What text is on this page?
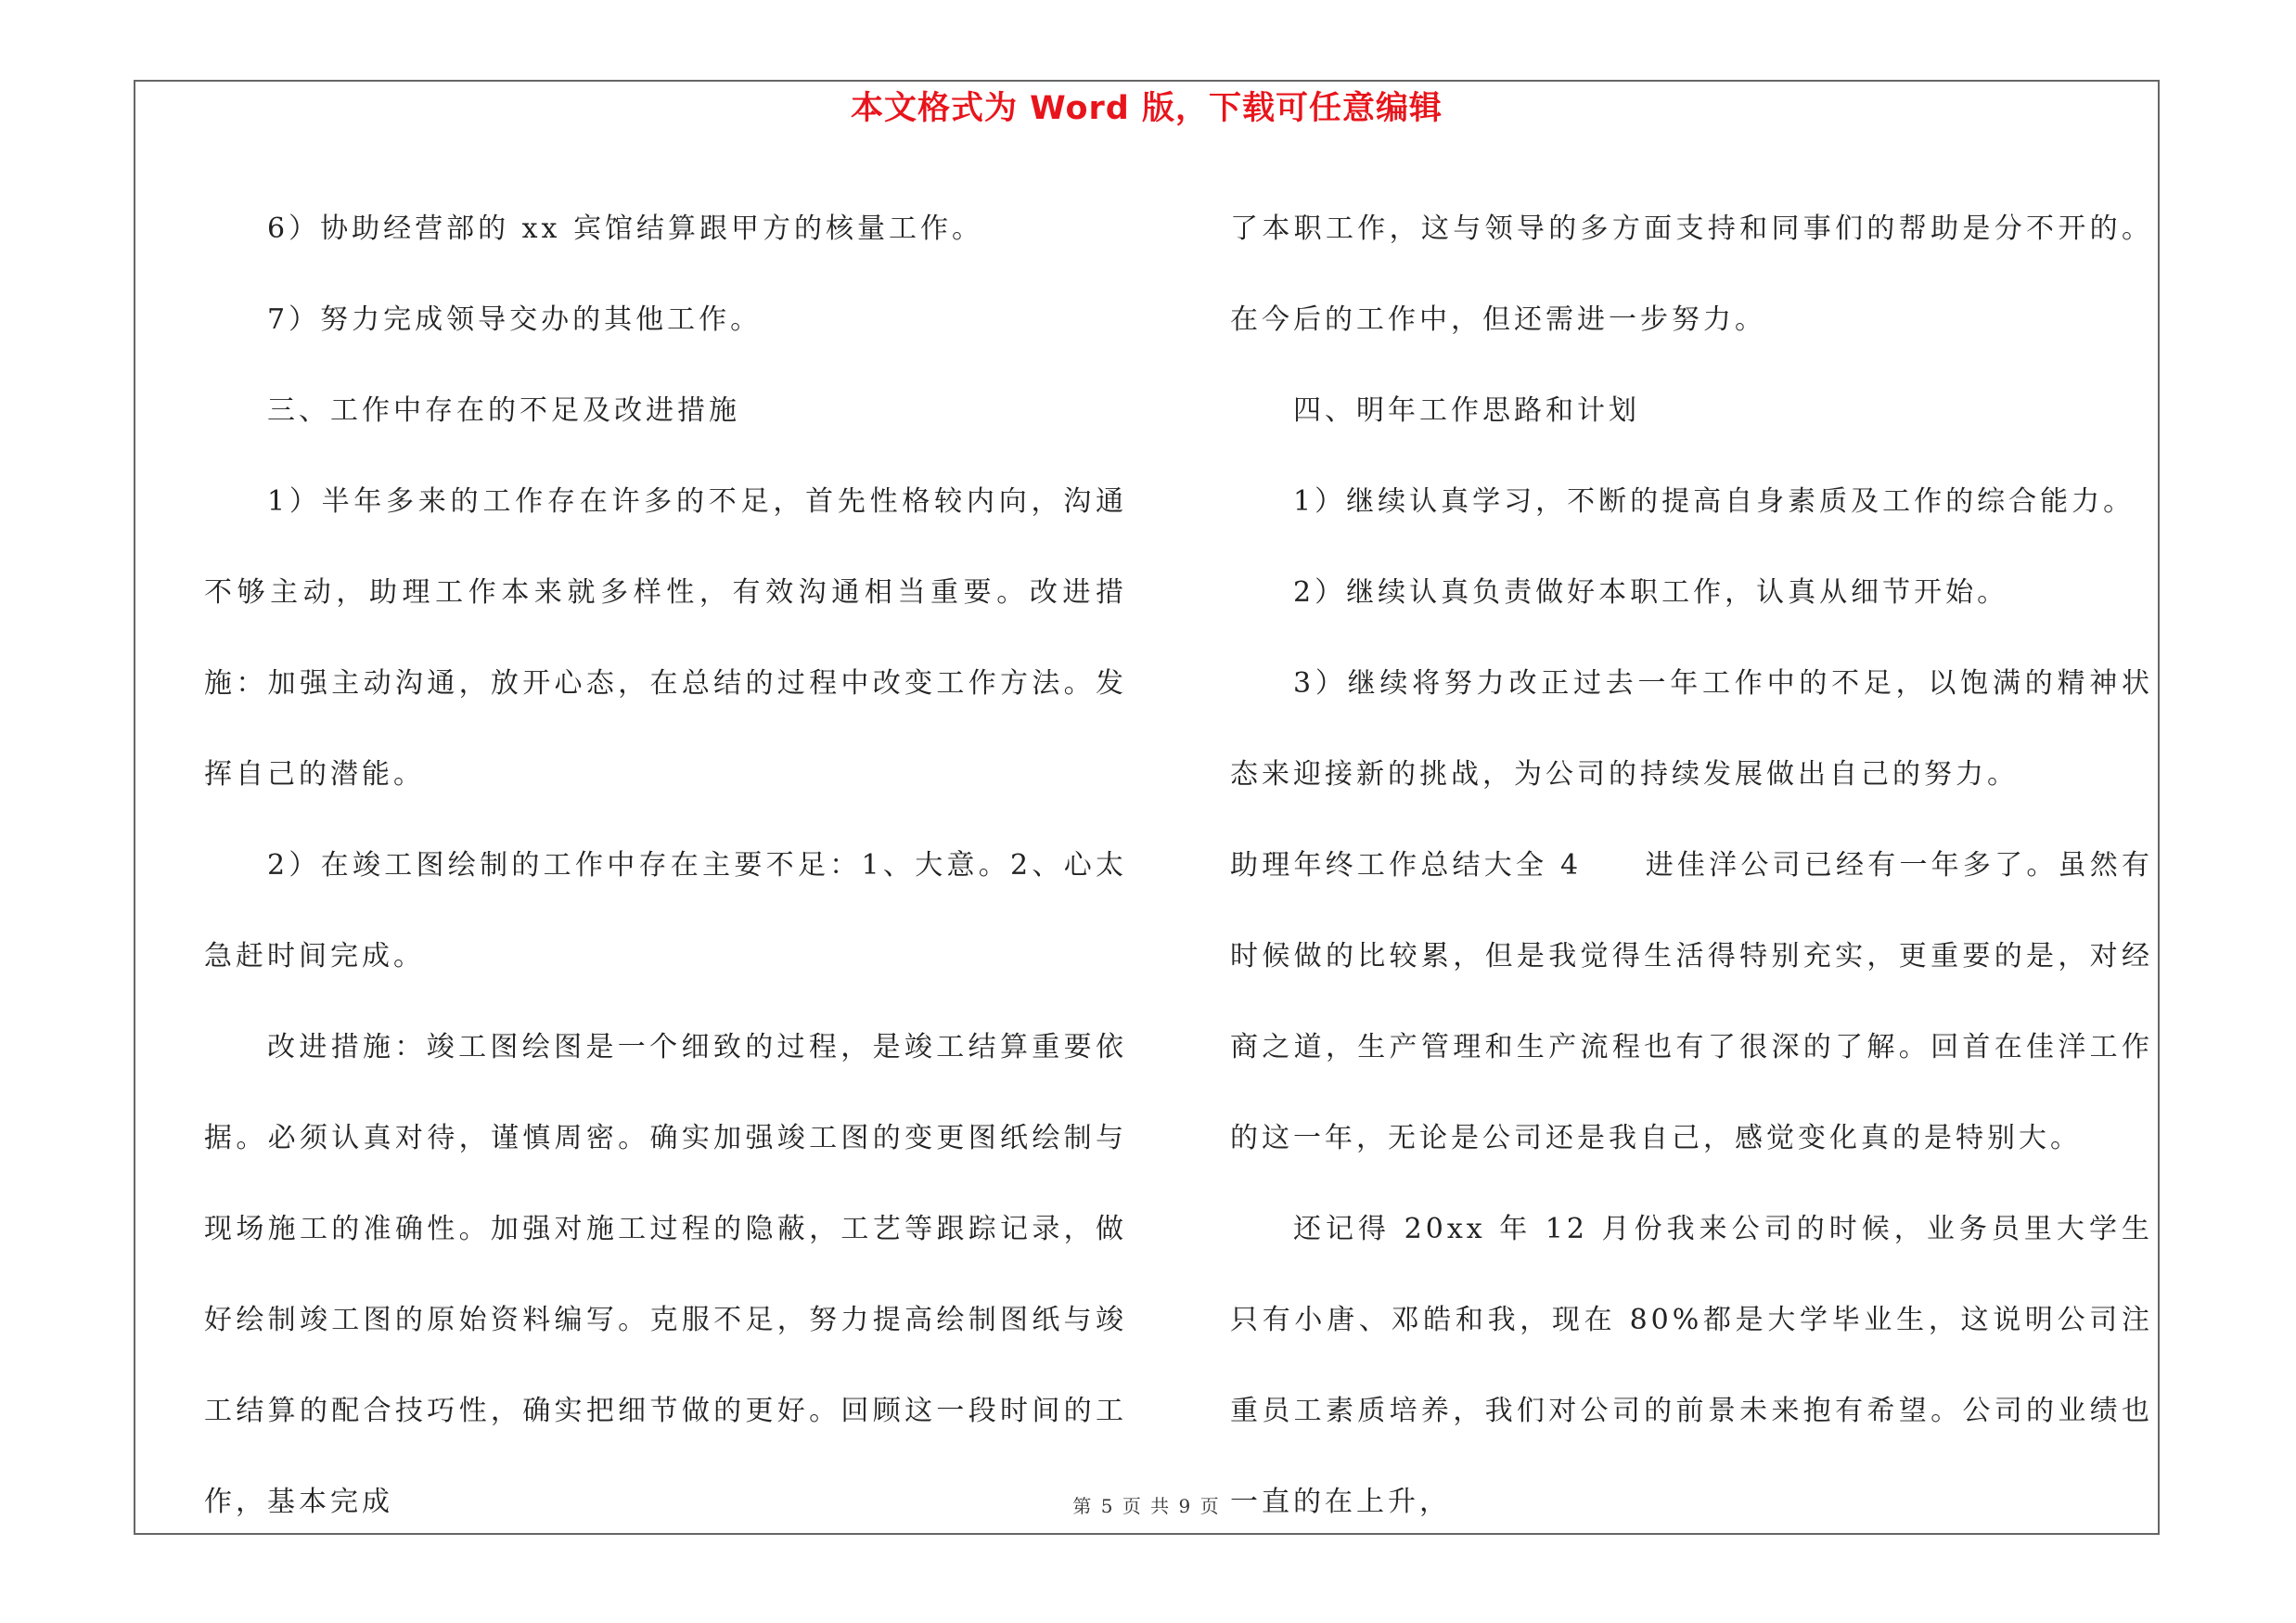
本文格式为 Word 版，下载可任意编辑

6）协助经营部的 xx 宾馆结算跟甲方的核量工作。

7）努力完成领导交办的其他工作。

三、工作中存在的不足及改进措施

1）半年多来的工作存在许多的不足，首先性格较内向，沟通不够主动，助理工作本来就多样性，有效沟通相当重要。改进措施：加强主动沟通，放开心态，在总结的过程中改变工作方法。发挥自己的潜能。

2）在竣工图绘制的工作中存在主要不足：1、大意。2、心太急赶时间完成。

改进措施：竣工图绘图是一个细致的过程，是竣工结算重要依据。必须认真对待，谨慎周密。确实加强竣工图的变更图纸绘制与现场施工的准确性。加强对施工过程的隐蔽，工艺等跟踪记录，做好绘制竣工图的原始资料编写。克服不足，努力提高绘制图纸与竣工结算的配合技巧性，确实把细节做的更好。回顾这一段时间的工作，基本完成

了本职工作，这与领导的多方面支持和同事们的帮助是分不开的。在今后的工作中，但还需进一步努力。

四、明年工作思路和计划

1）继续认真学习，不断的提高自身素质及工作的综合能力。

2）继续认真负责做好本职工作，认真从细节开始。

3）继续将努力改正过去一年工作中的不足，以饱满的精神状态来迎接新的挑战，为公司的持续发展做出自己的努力。

助理年终工作总结大全 4　　进佳洋公司已经有一年多了。虽然有时候做的比较累，但是我觉得生活得特别充实，更重要的是，对经商之道，生产管理和生产流程也有了很深的了解。回首在佳洋工作的这一年，无论是公司还是我自己，感觉变化真的是特别大。

还记得 20xx 年 12 月份我来公司的时候，业务员里大学生只有小唐、邓皓和我，现在 80%都是大学毕业生，这说明公司注重员工素质培养，我们对公司的前景未来抱有希望。公司的业绩也一直的在上升，

第 5 页 共 9 页
